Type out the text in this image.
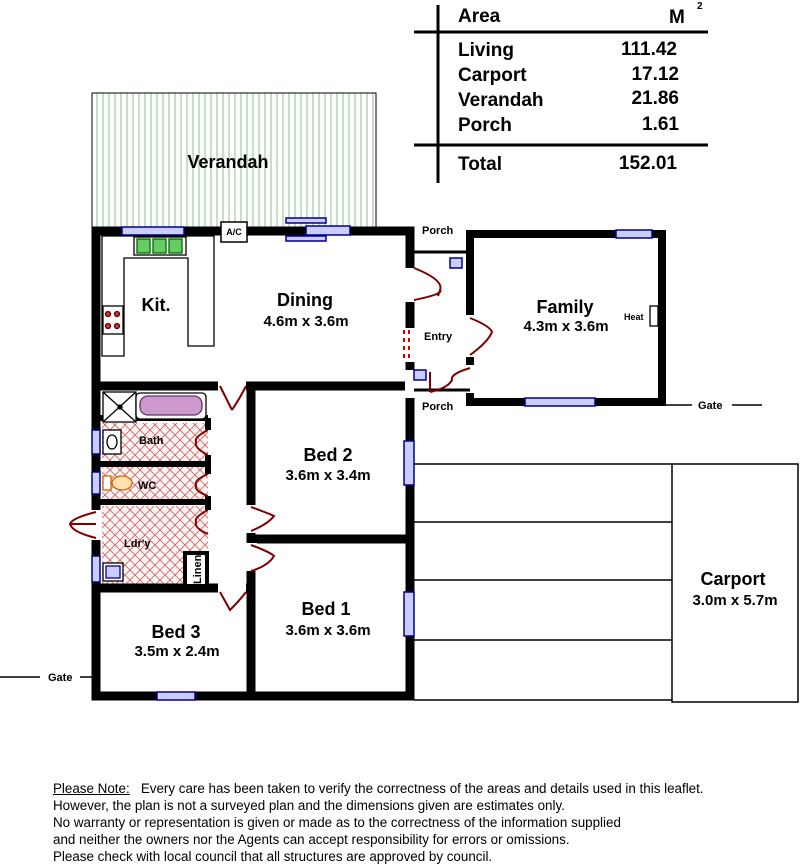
Area	M
2
Living	111.42
Carport	17.12
Verandah	21.86
Porch	1.61
Total	152.01
Verandah
Gate
Gate
Linen
A/C
Kit.	Dining
4.6m x 3.6m
Family
4.3m x 3.6m
Heat
Bed 2
3.6m x 3.4m
Bed 1
3.6m x 3.6m
Bed 3
3.5m x 2.4m
Carport
3.0m x 5.7m
Bath
WC
Ldr'y
Entry
Porch
Porch
Please Note: Every care has been taken to verify the correctness of the areas and details used in this leaflet.
However, the plan is not a surveyed plan and the dimensions given are estimates only.
No warranty or representation is given or made as to the correctness of the information supplied
and neither the owners nor the Agents can accept responsibility for errors or omissions.
Please check with local council that all structures are approved by council.
